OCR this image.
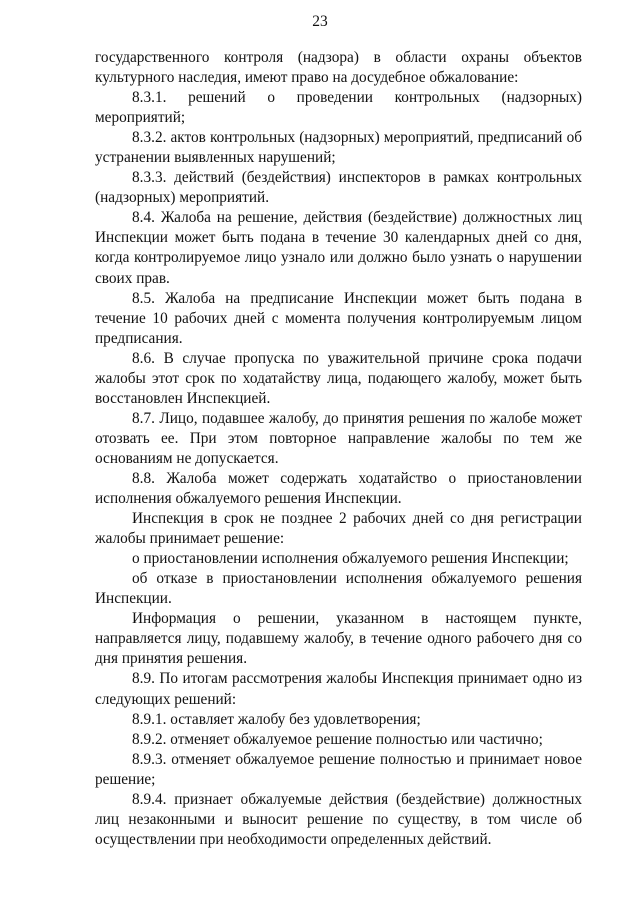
23

государственного контроля (надзора) в области охраны объектов культурного наследия, имеют право на досудебное обжалование:

8.3.1. решений о проведении контрольных (надзорных) мероприятий;

8.3.2. актов контрольных (надзорных) мероприятий, предписаний об устранении выявленных нарушений;

8.3.3. действий (бездействия) инспекторов в рамках контрольных (надзорных) мероприятий.

8.4. Жалоба на решение, действия (бездействие) должностных лиц Инспекции может быть подана в течение 30 календарных дней со дня, когда контролируемое лицо узнало или должно было узнать о нарушении своих прав.

8.5. Жалоба на предписание Инспекции может быть подана в течение 10 рабочих дней с момента получения контролируемым лицом предписания.

8.6. В случае пропуска по уважительной причине срока подачи жалобы этот срок по ходатайству лица, подающего жалобу, может быть восстановлен Инспекцией.

8.7. Лицо, подавшее жалобу, до принятия решения по жалобе может отозвать ее. При этом повторное направление жалобы по тем же основаниям не допускается.

8.8. Жалоба может содержать ходатайство о приостановлении исполнения обжалуемого решения Инспекции.

Инспекция в срок не позднее 2 рабочих дней со дня регистрации жалобы принимает решение:

о приостановлении исполнения обжалуемого решения Инспекции;

об отказе в приостановлении исполнения обжалуемого решения Инспекции.

Информация о решении, указанном в настоящем пункте, направляется лицу, подавшему жалобу, в течение одного рабочего дня со дня принятия решения.

8.9. По итогам рассмотрения жалобы Инспекция принимает одно из следующих решений:

8.9.1. оставляет жалобу без удовлетворения;

8.9.2. отменяет обжалуемое решение полностью или частично;

8.9.3. отменяет обжалуемое решение полностью и принимает новое решение;

8.9.4. признает обжалуемые действия (бездействие) должностных лиц незаконными и выносит решение по существу, в том числе об осуществлении при необходимости определенных действий.
